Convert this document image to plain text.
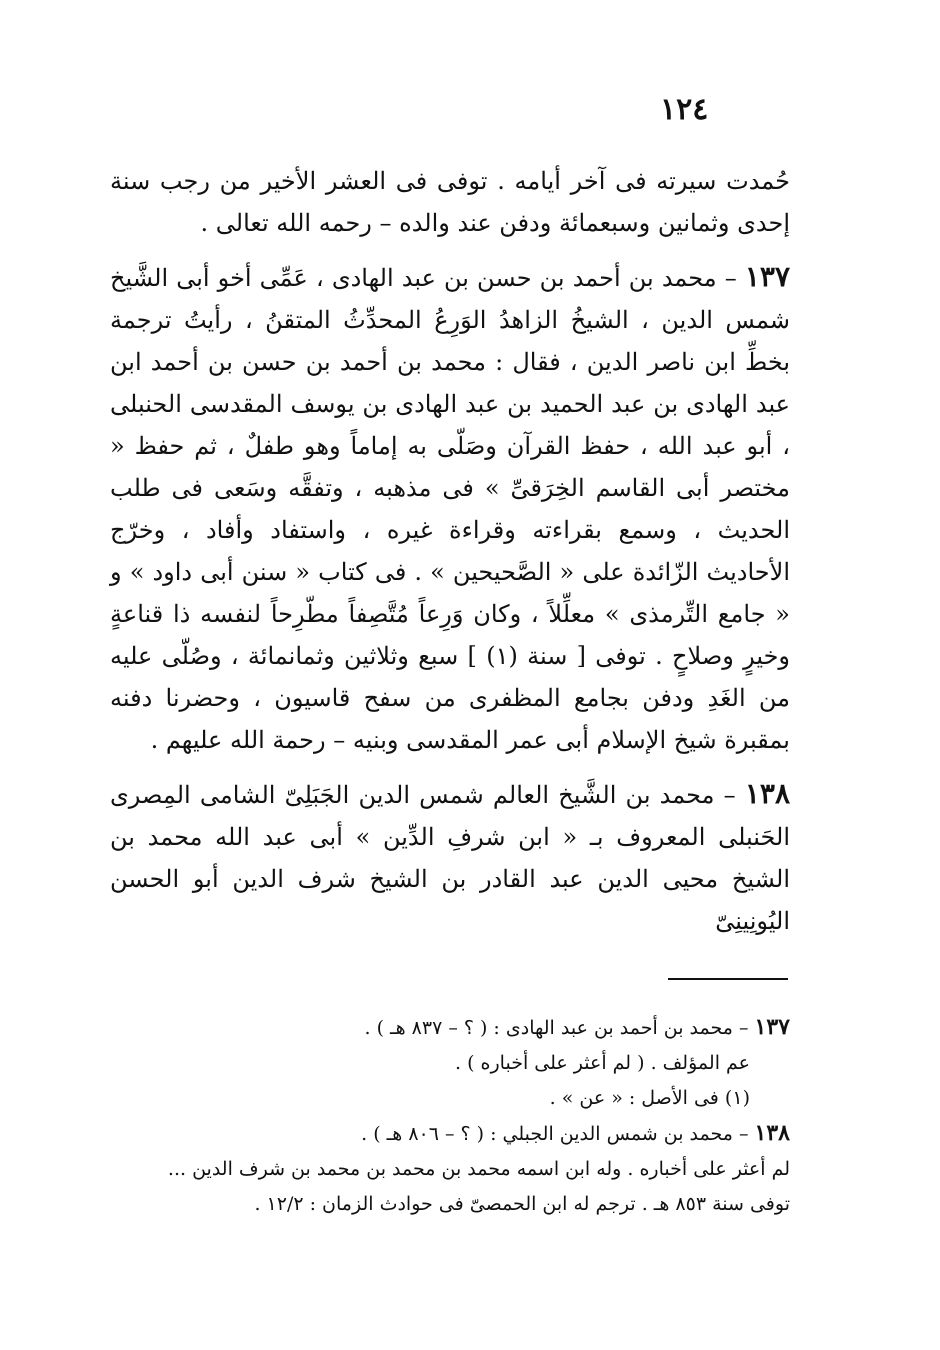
١٢٤

حُمدت سيرته فى آخر أيامه . توفى فى العشر الأخير من رجب سنة إحدى وثمانين وسبعمائة ودفن عند والده – رحمه الله تعالى .

١٣٧ – محمد بن أحمد بن حسن بن عبد الهادى ، عَمِّى أخو أبى الشَّيخ شمس الدين ، الشيخُ الزاهدُ الوَرِعُ المحدِّثُ المتقنُ ، رأيتُ ترجمة بخطِّ ابن ناصر الدين ، فقال : محمد بن أحمد بن حسن بن أحمد ابن عبد الهادى بن عبد الحميد بن عبد الهادى بن يوسف المقدسى الحنبلى ، أبو عبد الله ، حفظ القرآن وصَلّى به إماماً وهو طفلٌ ، ثم حفظ « مختصر أبى القاسم الخِرَقىِّ » فى مذهبه ، وتفقَّه وسَعى فى طلب الحديث ، وسمع بقراءته وقراءة غيره ، واستفاد وأفاد ، وخرّج الأحاديث الزّائدة على « الصَّحيحين » . فى كتاب « سنن أبى داود » و « جامع التِّرمذى » معلِّلاً ، وكان وَرِعاً مُتَّصِفاً مطّرِحاً لنفسه ذا قناعةٍ وخيرٍ وصلاحٍ . توفى [ سنة (١) ] سبع وثلاثين وثمانمائة ، وصُلّى عليه من الغَدِ ودفن بجامع المظفرى من سفح قاسيون ، وحضرنا دفنه بمقبرة شيخ الإسلام أبى عمر المقدسى وبنيه – رحمة الله عليهم .

١٣٨ – محمد بن الشَّيخ العالم شمس الدين الجَبَلِىّ الشامى المِصرى الحَنبلى المعروف بـ « ابن شرفِ الدِّين » أبى عبد الله محمد بن الشيخ محيى الدين عبد القادر بن الشيخ شرف الدين أبو الحسن اليُونِينِىّ

١٣٧ – محمد بن أحمد بن عبد الهادى : ( ؟ – ٨٣٧ هـ ) .

عم المؤلف . ( لم أعثر على أخباره ) .

(١) فى الأصل : « عن » .

١٣٨ – محمد بن شمس الدين الجبلي : ( ؟ – ٨٠٦ هـ ) .

لم أعثر على أخباره . وله ابن اسمه محمد بن محمد بن محمد بن شرف الدين ...

توفى سنة ٨٥٣ هـ . ترجم له ابن الحمصىّ فى حوادث الزمان : ١٢/٢ .
